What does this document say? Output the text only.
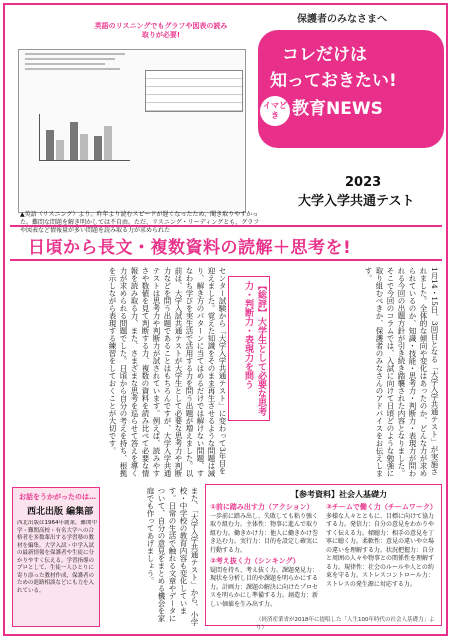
英語のリスニングでもグラフや図表の読み取りが必要!
▲英語（リスニング）より。昨年より読むスピードが遅くなったため、聞き取りやすかった。難問な問題を解き明かしては不自由。ただ、リスニング・リーディングとも、グラフや図表など情報量が多い問題を読み取る力が求められた
保護者のみなさまへ
コレだけは
知っておきたい!
教育NEWS
イマどき
2023
大学入学共通テスト
日頃から長文・複数資料の読解＋思考を!
1月14・15日、3回目となる「大学入学共通テスト」が実施されました。全体的な傾向や変化はあったのか、どんな力が求められているのか、知識・技能・思考力・判断力・表現力が問われる今回の出題方針が引き続き踏襲された内容となりました。そこで今回のコラムでは、入試に向けて日頃どのような勉強に取り組むべきか、保護者のみなさんのアドバイスをお伝えします。
【総評】大学生として必要な思考力・判断力・表現力を問う
センター試験から「大学入学共通テスト」に変わって3年目を迎えました。覚えた知識をそのまま再生させるような問題は減り、解き方のパターンに当てはめるだけでは解けない問題、すなわち学びを実生活で活用する力を問う出題が増えました。以前は、大学入試共通テストが大学生として必要な思考力や判断力などを問う出題であることはもちろんですが、大学入学共通テストは思考力や判断力が試されています。例えば、読みやすさや数値を見て判断する力、複数の資料を読み比べて必要な情報を読み取る力、また、さまざまな思考を巡らせて答えを導く力が求められる問題でした。日頃から自分の考えを持ち、根拠を示しながら表現する練習をしておくことが大切です。
お話をうかがったのは…
西北出版 編集部
西北出版は1964年創業。難関中学・難関高校・有名大学への合格者を多数輩出する学習塾の教材を編集。大学入試・中学入試の最新情報を保護者や生徒に分かりやすく伝える。学習指導のプロとして、生徒一人ひとりに寄り添った教材作成、保護者のための進路相談などにも力を入れている。	また、「大学入学共通テスト」から、小学校・中学校の教育内容も変化しています。日常の生活で触れる文章やデータについて、自分の意見をまとめる機会を家庭でも作ってあげましょう。	【参考資料】社会人基礎力
①前に踏み出す力（アクション）
一歩前に踏み出し、失敗しても粘り強く取り組む力。主体性：物事に進んで取り組む力。働きかけ力：他人に働きかけ巻き込む力。実行力：目的を設定し確実に行動する力。
②考え抜く力（シンキング）
疑問を持ち、考え抜く力。課題発見力：現状を分析し目的や課題を明らかにする力。計画力：課題の解決に向けたプロセスを明らかにし準備する力。創造力：新しい価値を生み出す力。
③チームで働く力（チームワーク）
多様な人々とともに、目標に向けて協力する力。発信力：自分の意見をわかりやすく伝える力。傾聴力：相手の意見を丁寧に聴く力。柔軟性：意見の違いや立場の違いを理解する力。状況把握力：自分と周囲の人々や物事との関係性を理解する力。規律性：社会のルールや人との約束を守る力。ストレスコントロール力：ストレスの発生源に対応する力。
（経済産業省が2018年に提唱した「人生100年時代の社会人基礎力」より）
